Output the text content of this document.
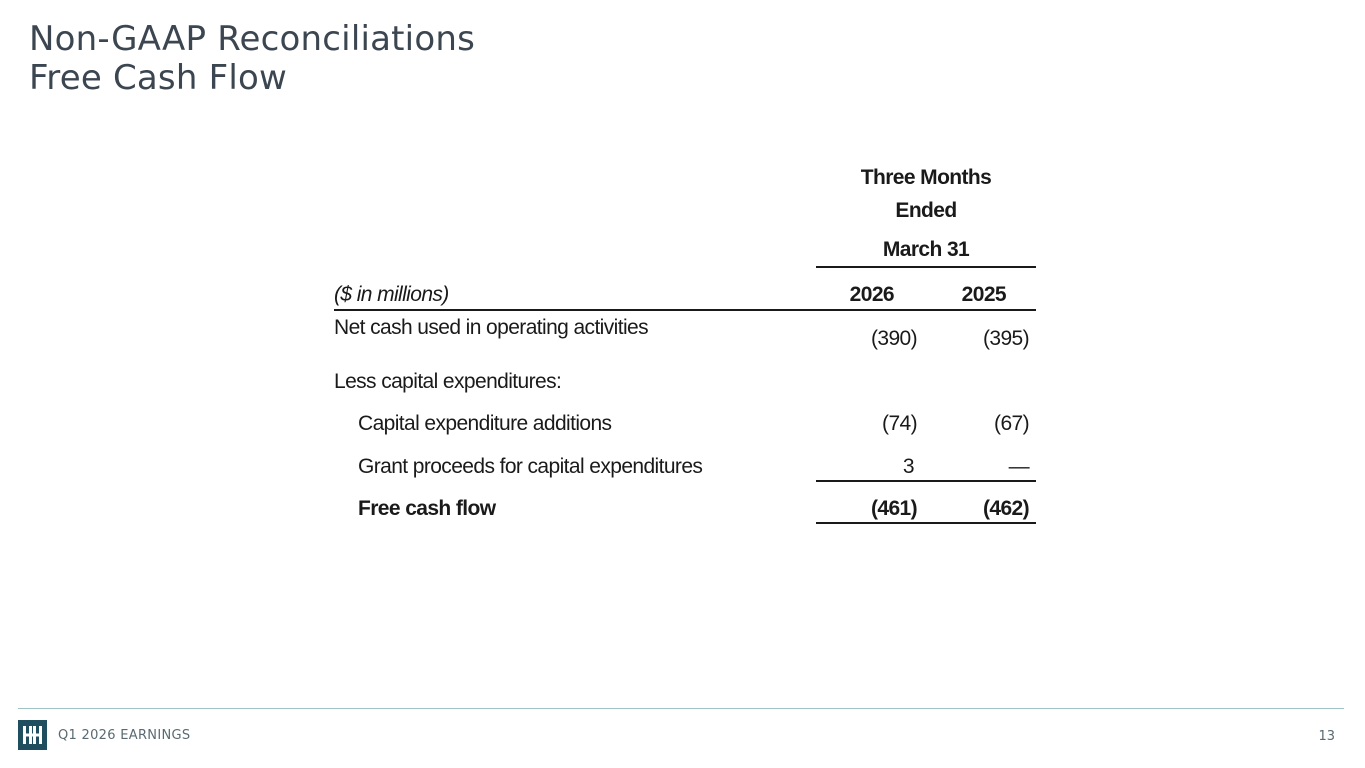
Non-GAAP Reconciliations
Free Cash Flow
Three Months
Ended
March 31
($ in millions)	2026	2025
Net cash used in operating activities	(390)	(395)
Less capital expenditures:
Capital expenditure additions	(74)	(67)
Grant proceeds for capital expenditures	3	—
Free cash flow	(461)	(462)
Q1 2026 EARNINGS	13
